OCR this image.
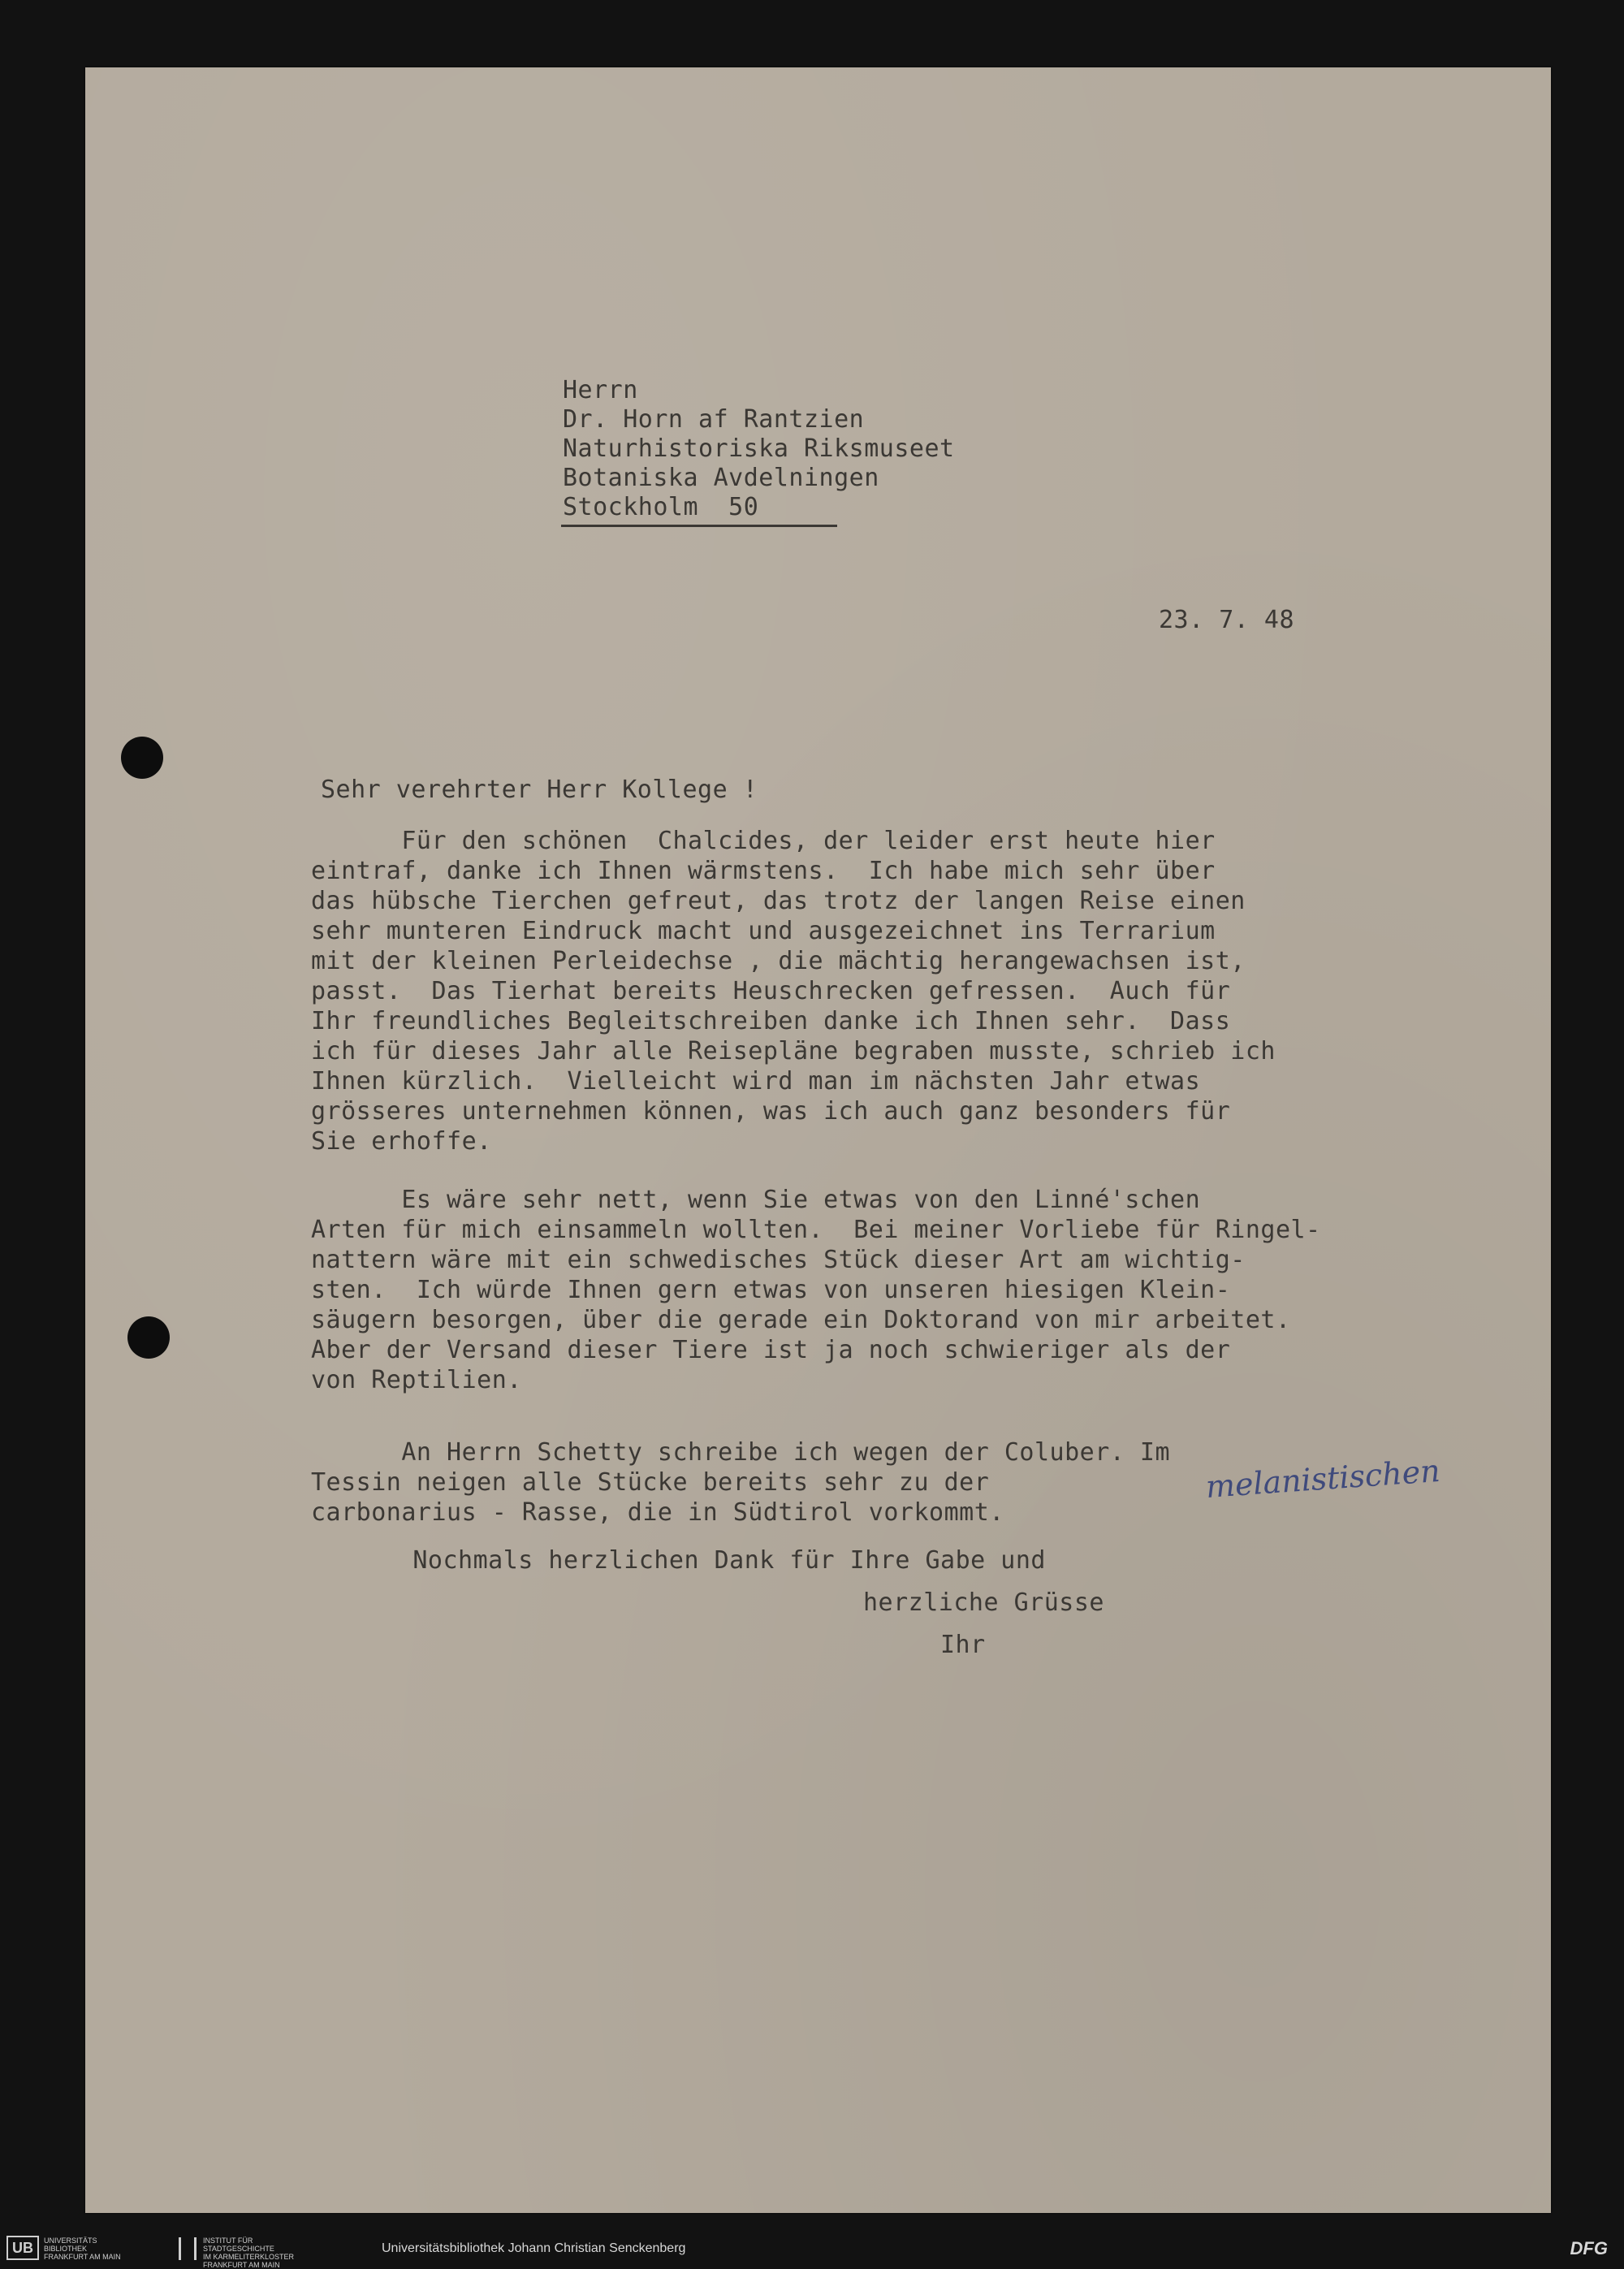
Herrn
Dr. Horn af Rantzien
Naturhistoriska Riksmuseet
Botaniska Avdelningen
Stockholm  50
23. 7. 48
Sehr verehrter Herr Kollege !
Für den schönen  Chalcides, der leider erst heute hier
eintraf, danke ich Ihnen wärmstens.  Ich habe mich sehr über
das hübsche Tierchen gefreut, das trotz der langen Reise einen
sehr munteren Eindruck macht und ausgezeichnet ins Terrarium
mit der kleinen Perleidechse , die mächtig herangewachsen ist,
passt.  Das Tierhat bereits Heuschrecken gefressen.  Auch für
Ihr freundliches Begleitschreiben danke ich Ihnen sehr.  Dass
ich für dieses Jahr alle Reisepläne begraben musste, schrieb ich
Ihnen kürzlich.  Vielleicht wird man im nächsten Jahr etwas
grösseres unternehmen können, was ich auch ganz besonders für
Sie erhoffe.
Es wäre sehr nett, wenn Sie etwas von den Linné'schen
Arten für mich einsammeln wollten.  Bei meiner Vorliebe für Ringel-
nattern wäre mit ein schwedisches Stück dieser Art am wichtig-
sten.  Ich würde Ihnen gern etwas von unseren hiesigen Klein-
säugern besorgen, über die gerade ein Doktorand von mir arbeitet.
Aber der Versand dieser Tiere ist ja noch schwieriger als der
von Reptilien.
An Herrn Schetty schreibe ich wegen der Coluber. Im
Tessin neigen alle Stücke bereits sehr zu der
carbonarius - Rasse, die in Südtirol vorkommt.
melanistischen
Nochmals herzlichen Dank für Ihre Gabe und
herzliche Grüsse
Ihr
UB	UNIVERSITÄTS
BIBLIOTHEK
FRANKFURT AM MAIN
INSTITUT FÜR
STADTGESCHICHTE
IM KARMELITERKLOSTER
FRANKFURT AM MAIN
Universitätsbibliothek Johann Christian Senckenberg	DFG
